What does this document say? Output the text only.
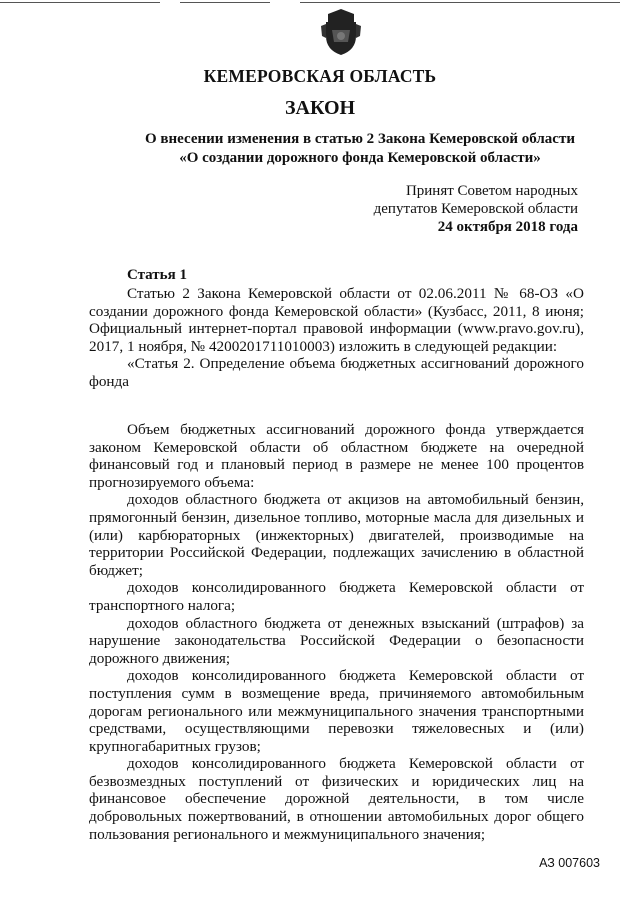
КЕМЕРОВСКАЯ ОБЛАСТЬ
ЗАКОН
О внесении изменения в статью 2 Закона Кемеровской области
«О создании дорожного фонда Кемеровской области»
Принят Советом народных
депутатов Кемеровской области
24 октября 2018 года
Статья 1

Статью 2 Закона Кемеровской области от 02.06.2011 № 68-ОЗ «О создании дорожного фонда Кемеровской области» (Кузбасс, 2011, 8 июня; Официальный интернет-портал правовой информации (www.pravo.gov.ru), 2017, 1 ноября, № 4200201711010003) изложить в следующей редакции:

«Статья 2. Определение объема бюджетных ассигнований дорожного фонда

Объем бюджетных ассигнований дорожного фонда утверждается законом Кемеровской области об областном бюджете на очередной финансовый год и плановый период в размере не менее 100 процентов прогнозируемого объема:

доходов областного бюджета от акцизов на автомобильный бензин, прямогонный бензин, дизельное топливо, моторные масла для дизельных и (или) карбюраторных (инжекторных) двигателей, производимые на территории Российской Федерации, подлежащих зачислению в областной бюджет;

доходов консолидированного бюджета Кемеровской области от транспортного налога;

доходов областного бюджета от денежных взысканий (штрафов) за нарушение законодательства Российской Федерации о безопасности дорожного движения;

доходов консолидированного бюджета Кемеровской области от поступления сумм в возмещение вреда, причиняемого автомобильным дорогам регионального или межмуниципального значения транспортными средствами, осуществляющими перевозки тяжеловесных и (или) крупногабаритных грузов;

доходов консолидированного бюджета Кемеровской области от безвозмездных поступлений от физических и юридических лиц на финансовое обеспечение дорожной деятельности, в том числе добровольных пожертвований, в отношении автомобильных дорог общего пользования регионального и межмуниципального значения;

АЗ 007603
